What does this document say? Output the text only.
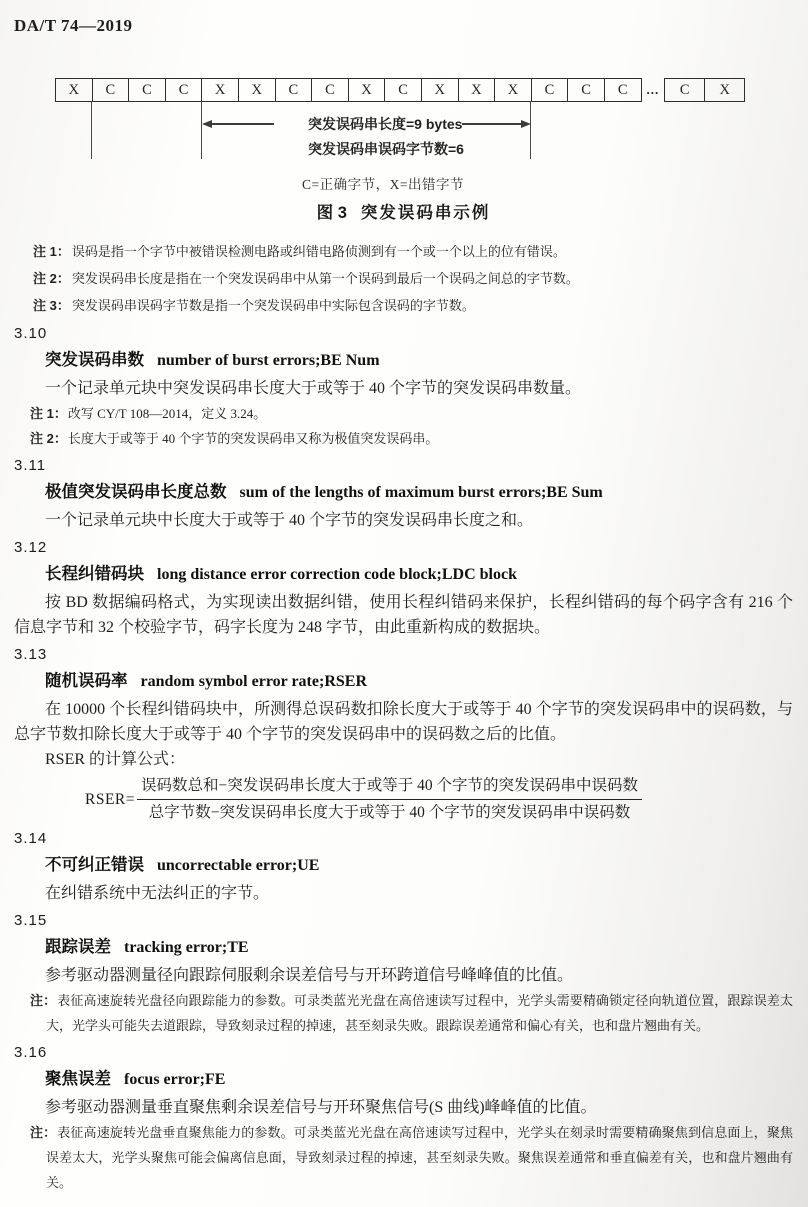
DA/T 74—2019
X	C	C	C	X	X	C	C	X	C	X	X	X	C	C	C	...	C	X
突发误码串长度=9 bytes
突发误码串误码字节数=6
C=正确字节，X=出错字节
图 3 突发误码串示例
注 1： 误码是指一个字节中被错误检测电路或纠错电路侦测到有一个或一个以上的位有错误。
注 2： 突发误码串长度是指在一个突发误码串中从第一个误码到最后一个误码之间总的字节数。
注 3： 突发误码串误码字节数是指一个突发误码串中实际包含误码的字节数。
3.10
突发误码串数 number of burst errors;BE Num

一个记录单元块中突发误码串长度大于或等于 40 个字节的突发误码串数量。

注 1：改写 CY/T 108—2014，定义 3.24。
注 2：长度大于或等于 40 个字节的突发误码串又称为极值突发误码串。
3.11
极值突发误码串长度总数 sum of the lengths of maximum burst errors;BE Sum

一个记录单元块中长度大于或等于 40 个字节的突发误码串长度之和。

3.12
长程纠错码块 long distance error correction code block;LDC block

按 BD 数据编码格式，为实现读出数据纠错，使用长程纠错码来保护，长程纠错码的每个码字含有 216 个信息字节和 32 个校验字节，码字长度为 248 字节，由此重新构成的数据块。

3.13
随机误码率 random symbol error rate;RSER

在 10000 个长程纠错码块中，所测得总误码数扣除长度大于或等于 40 个字节的突发误码串中的误码数，与总字节数扣除长度大于或等于 40 个字节的突发误码串中的误码数之后的比值。

RSER 的计算公式：

RSER= $\frac{\text{误码数总和−突发误码串长度大于或等于 40 个字节的突发误码串中误码数}}{\text{总字节数−突发误码串长度大于或等于 40 个字节的突发误码串中误码数}}$
3.14
不可纠正错误 uncorrectable error;UE

在纠错系统中无法纠正的字节。

3.15
跟踪误差 tracking error;TE

参考驱动器测量径向跟踪伺服剩余误差信号与开环跨道信号峰峰值的比值。

注：表征高速旋转光盘径向跟踪能力的参数。可录类蓝光光盘在高倍速读写过程中，光学头需要精确锁定径向轨道位置，跟踪误差太大，光学头可能失去道跟踪，导致刻录过程的掉速，甚至刻录失败。跟踪误差通常和偏心有关，也和盘片翘曲有关。
3.16
聚焦误差 focus error;FE

参考驱动器测量垂直聚焦剩余误差信号与开环聚焦信号(S 曲线)峰峰值的比值。

注：表征高速旋转光盘垂直聚焦能力的参数。可录类蓝光光盘在高倍速读写过程中，光学头在刻录时需要精确聚焦到信息面上，聚焦误差太大，光学头聚焦可能会偏离信息面，导致刻录过程的掉速，甚至刻录失败。聚焦误差通常和垂直偏差有关，也和盘片翘曲有关。
